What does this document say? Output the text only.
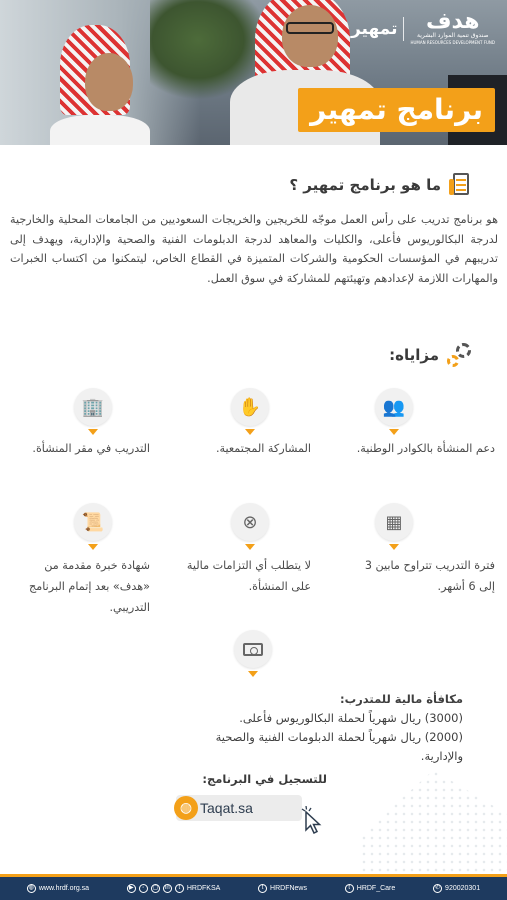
تمهير	هدف
صندوق تنمية الموارد البشرية
HUMAN RESOURCES DEVELOPMENT FUND
برنامج تمهير
ما هو برنامج تمهير ؟

هو برنامج تدريب على رأس العمل موجّه للخريجين والخريجات السعوديين من الجامعات المحلية والخارجية لدرجة البكالوريوس فأعلى، والكليات والمعاهد لدرجة الدبلومات الفنية والصحية والإدارية، ويهدف إلى تدريبهم في المؤسسات الحكومية والشركات المتميزة في القطاع الخاص، ليتمكنوا من اكتساب الخبرات والمهارات اللازمة لإعدادهم وتهيئتهم للمشاركة في سوق العمل.

مزاياه:
👥
دعم المنشأة بالكوادر الوطنية.
✋
المشاركة المجتمعية.
🏢
التدريب في مقر المنشأة.
▦
فترة التدريب تتراوح مابين 3 إلى 6 أشهر.
⊗
لا يتطلب أي التزامات مالية على المنشأة.
📜
شهادة خبرة مقدمة من «هدف» بعد إتمام البرنامج التدريبي.
مكافأة مالية للمتدرب:
(3000) ريال شهرياً لحملة البكالوريوس فأعلى.
(2000) ريال شهرياً لحملة الدبلومات الفنية والصحية والإدارية.
للتسجيل في البرنامج:
Taqat.sa
◍
◍ www.hrdf.org.sa	▶	◦	▢	in	t HRDFKSA	t HRDFNews	t HRDF_Care	✆ 920020301
